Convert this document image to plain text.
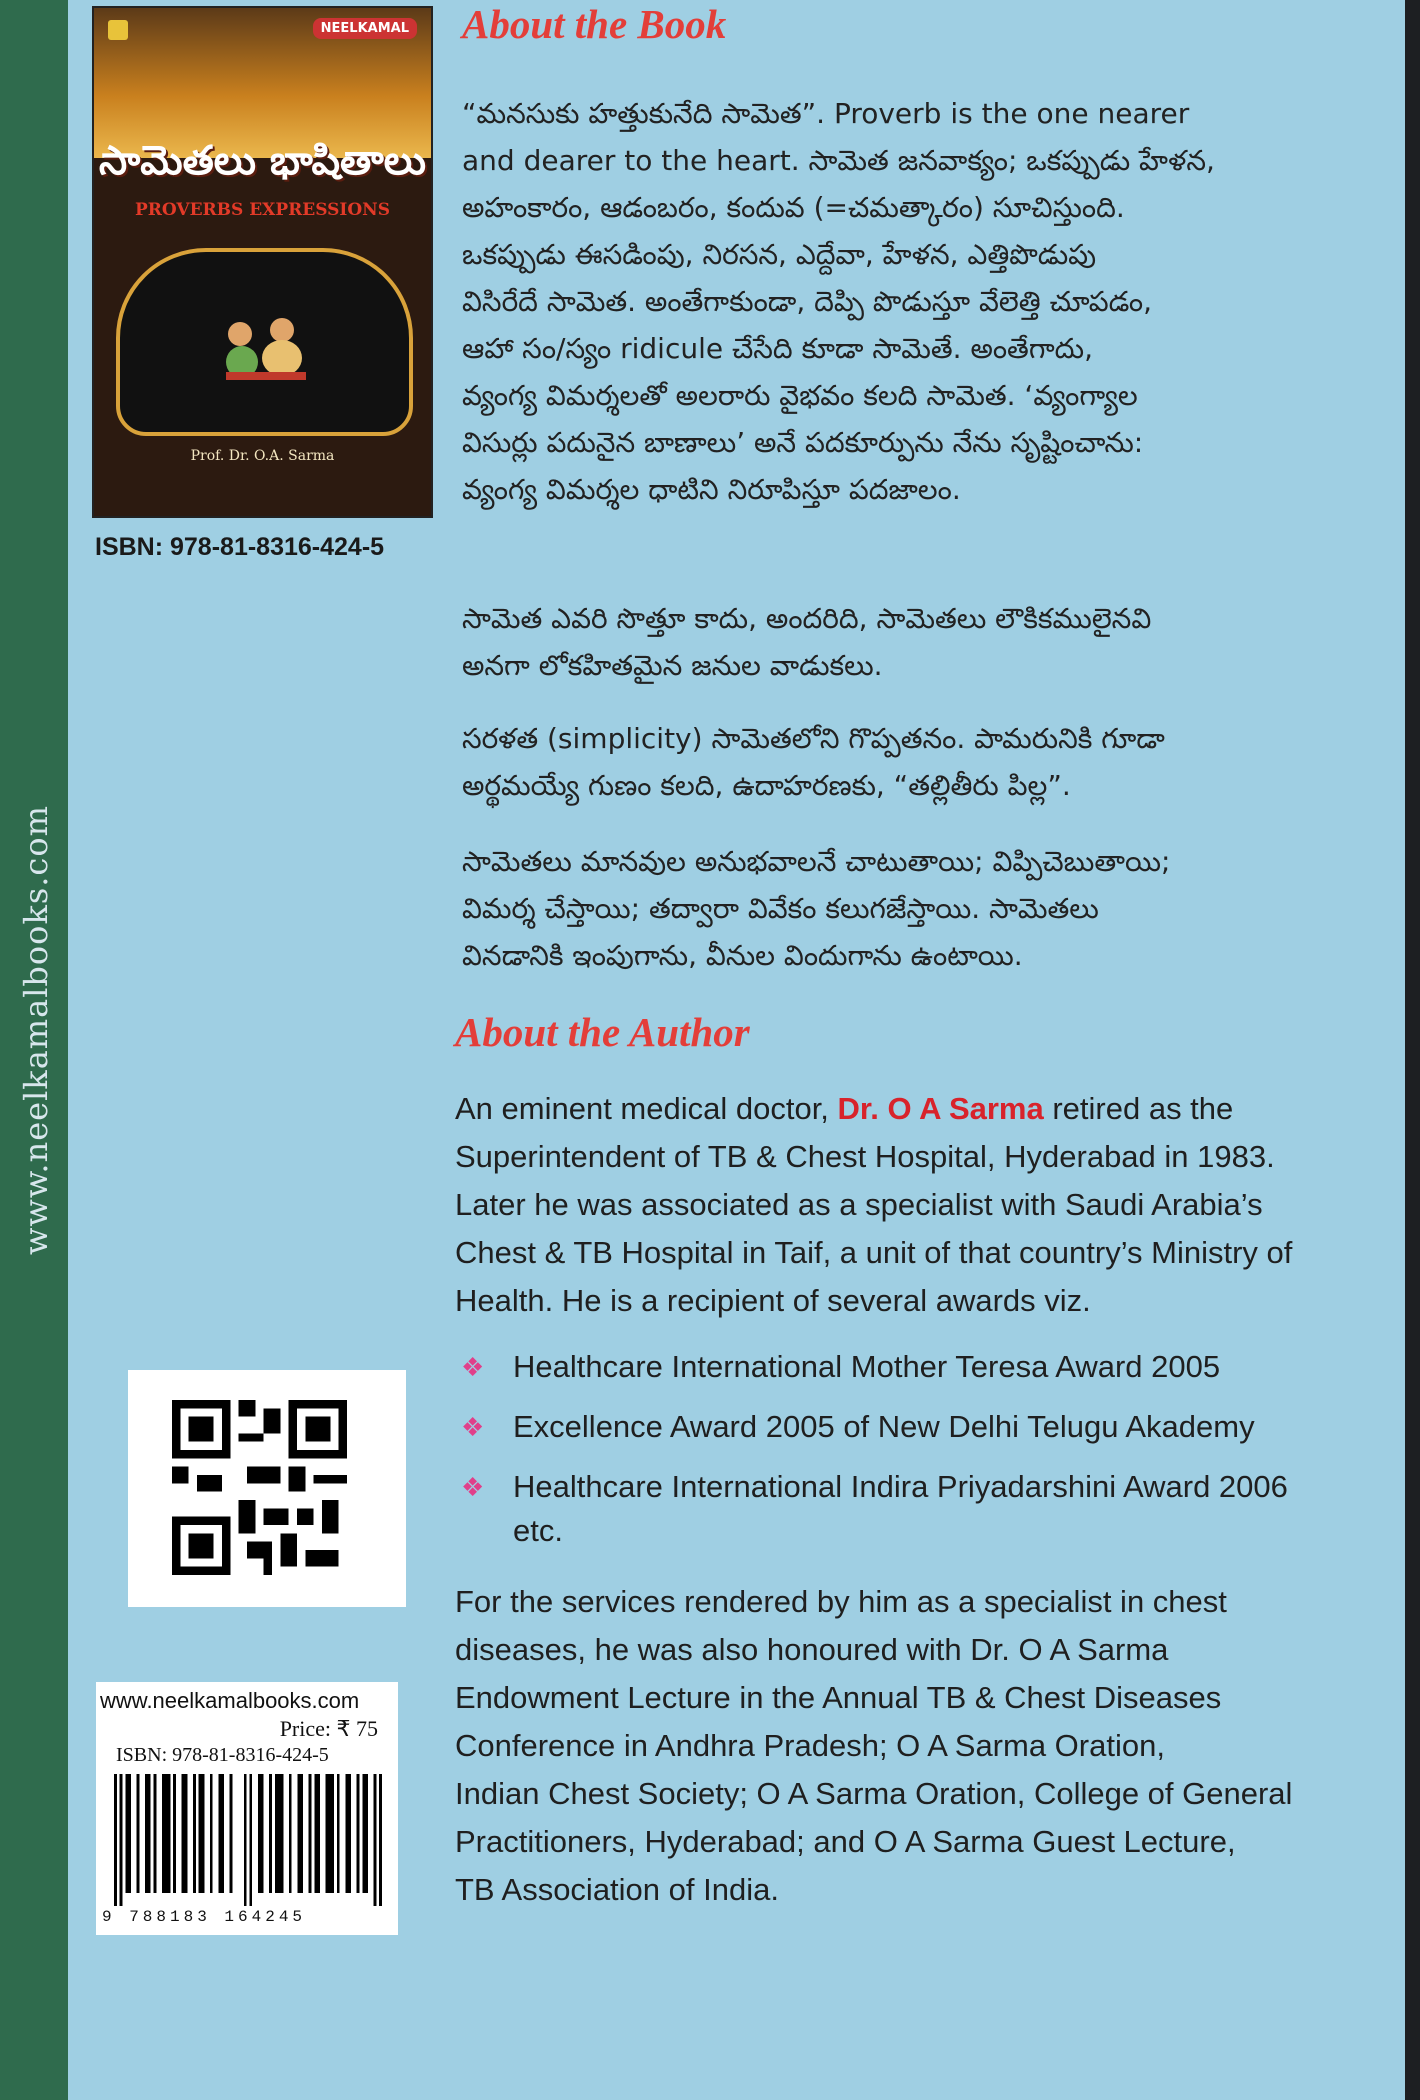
www.neelkamalbooks.com
NEELKAMAL
సామెతలు భాషితాలు
PROVERBS EXPRESSIONS
Prof. Dr. O.A. Sarma
ISBN: 978-81-8316-424-5
About the Book
“మనసుకు హత్తుకునేది సామెత”. Proverb is the one nearer
and dearer to the heart. సామెత జనవాక్యం; ఒకప్పుడు హేళన,
అహంకారం, ఆడంబరం, కందువ (=చమత్కారం) సూచిస్తుంది.
ఒకప్పుడు ఈసడింపు, నిరసన, ఎద్దేవా, హేళన, ఎత్తిపొడుపు
విసిరేదే సామెత. అంతేగాకుండా, దెప్పి పొడుస్తూ వేలెత్తి చూపడం,
ఆహా సం/స్యం ridicule చేసేది కూడా సామెతే. అంతేగాదు,
వ్యంగ్య విమర్శలతో అలరారు వైభవం కలది సామెత. ‘వ్యంగ్యాల
విసుర్లు పదునైన బాణాలు’ అనే పదకూర్పును నేను సృష్టించాను:
వ్యంగ్య విమర్శల ధాటిని నిరూపిస్తూ పదజాలం.
సామెత ఎవరి సొత్తూ కాదు, అందరిది, సామెతలు లౌకికములైనవి
అనగా లోకహితమైన జనుల వాడుకలు.
సరళత (simplicity) సామెతలోని గొప్పతనం. పామరునికి గూడా
అర్థమయ్యే గుణం కలది, ఉదాహరణకు, “తల్లితీరు పిల్ల”.
సామెతలు మానవుల అనుభవాలనే చాటుతాయి; విప్పిచెబుతాయి;
విమర్శ చేస్తాయి; తద్వారా వివేకం కలుగజేస్తాయి. సామెతలు
వినడానికి ఇంపుగాను, వీనుల విందుగాను ఉంటాయి.
About the Author
An eminent medical doctor, Dr. O A Sarma retired as the
Superintendent of TB & Chest Hospital, Hyderabad in 1983.
Later he was associated as a specialist with Saudi Arabia’s
Chest & TB Hospital in Taif, a unit of that country’s Ministry of
Health. He is a recipient of several awards viz.
❖ Healthcare International Mother Teresa Award 2005
❖ Excellence Award 2005 of New Delhi Telugu Akademy
❖ Healthcare International Indira Priyadarshini Award 2006
etc.
For the services rendered by him as a specialist in chest
diseases, he was also honoured with Dr. O A Sarma
Endowment Lecture in the Annual TB & Chest Diseases
Conference in Andhra Pradesh; O A Sarma Oration,
Indian Chest Society; O A Sarma Oration, College of General
Practitioners, Hyderabad; and O A Sarma Guest Lecture,
TB Association of India.
www.neelkamalbooks.com
Price: ₹ 75
ISBN: 978-81-8316-424-5
9 788183 164245
